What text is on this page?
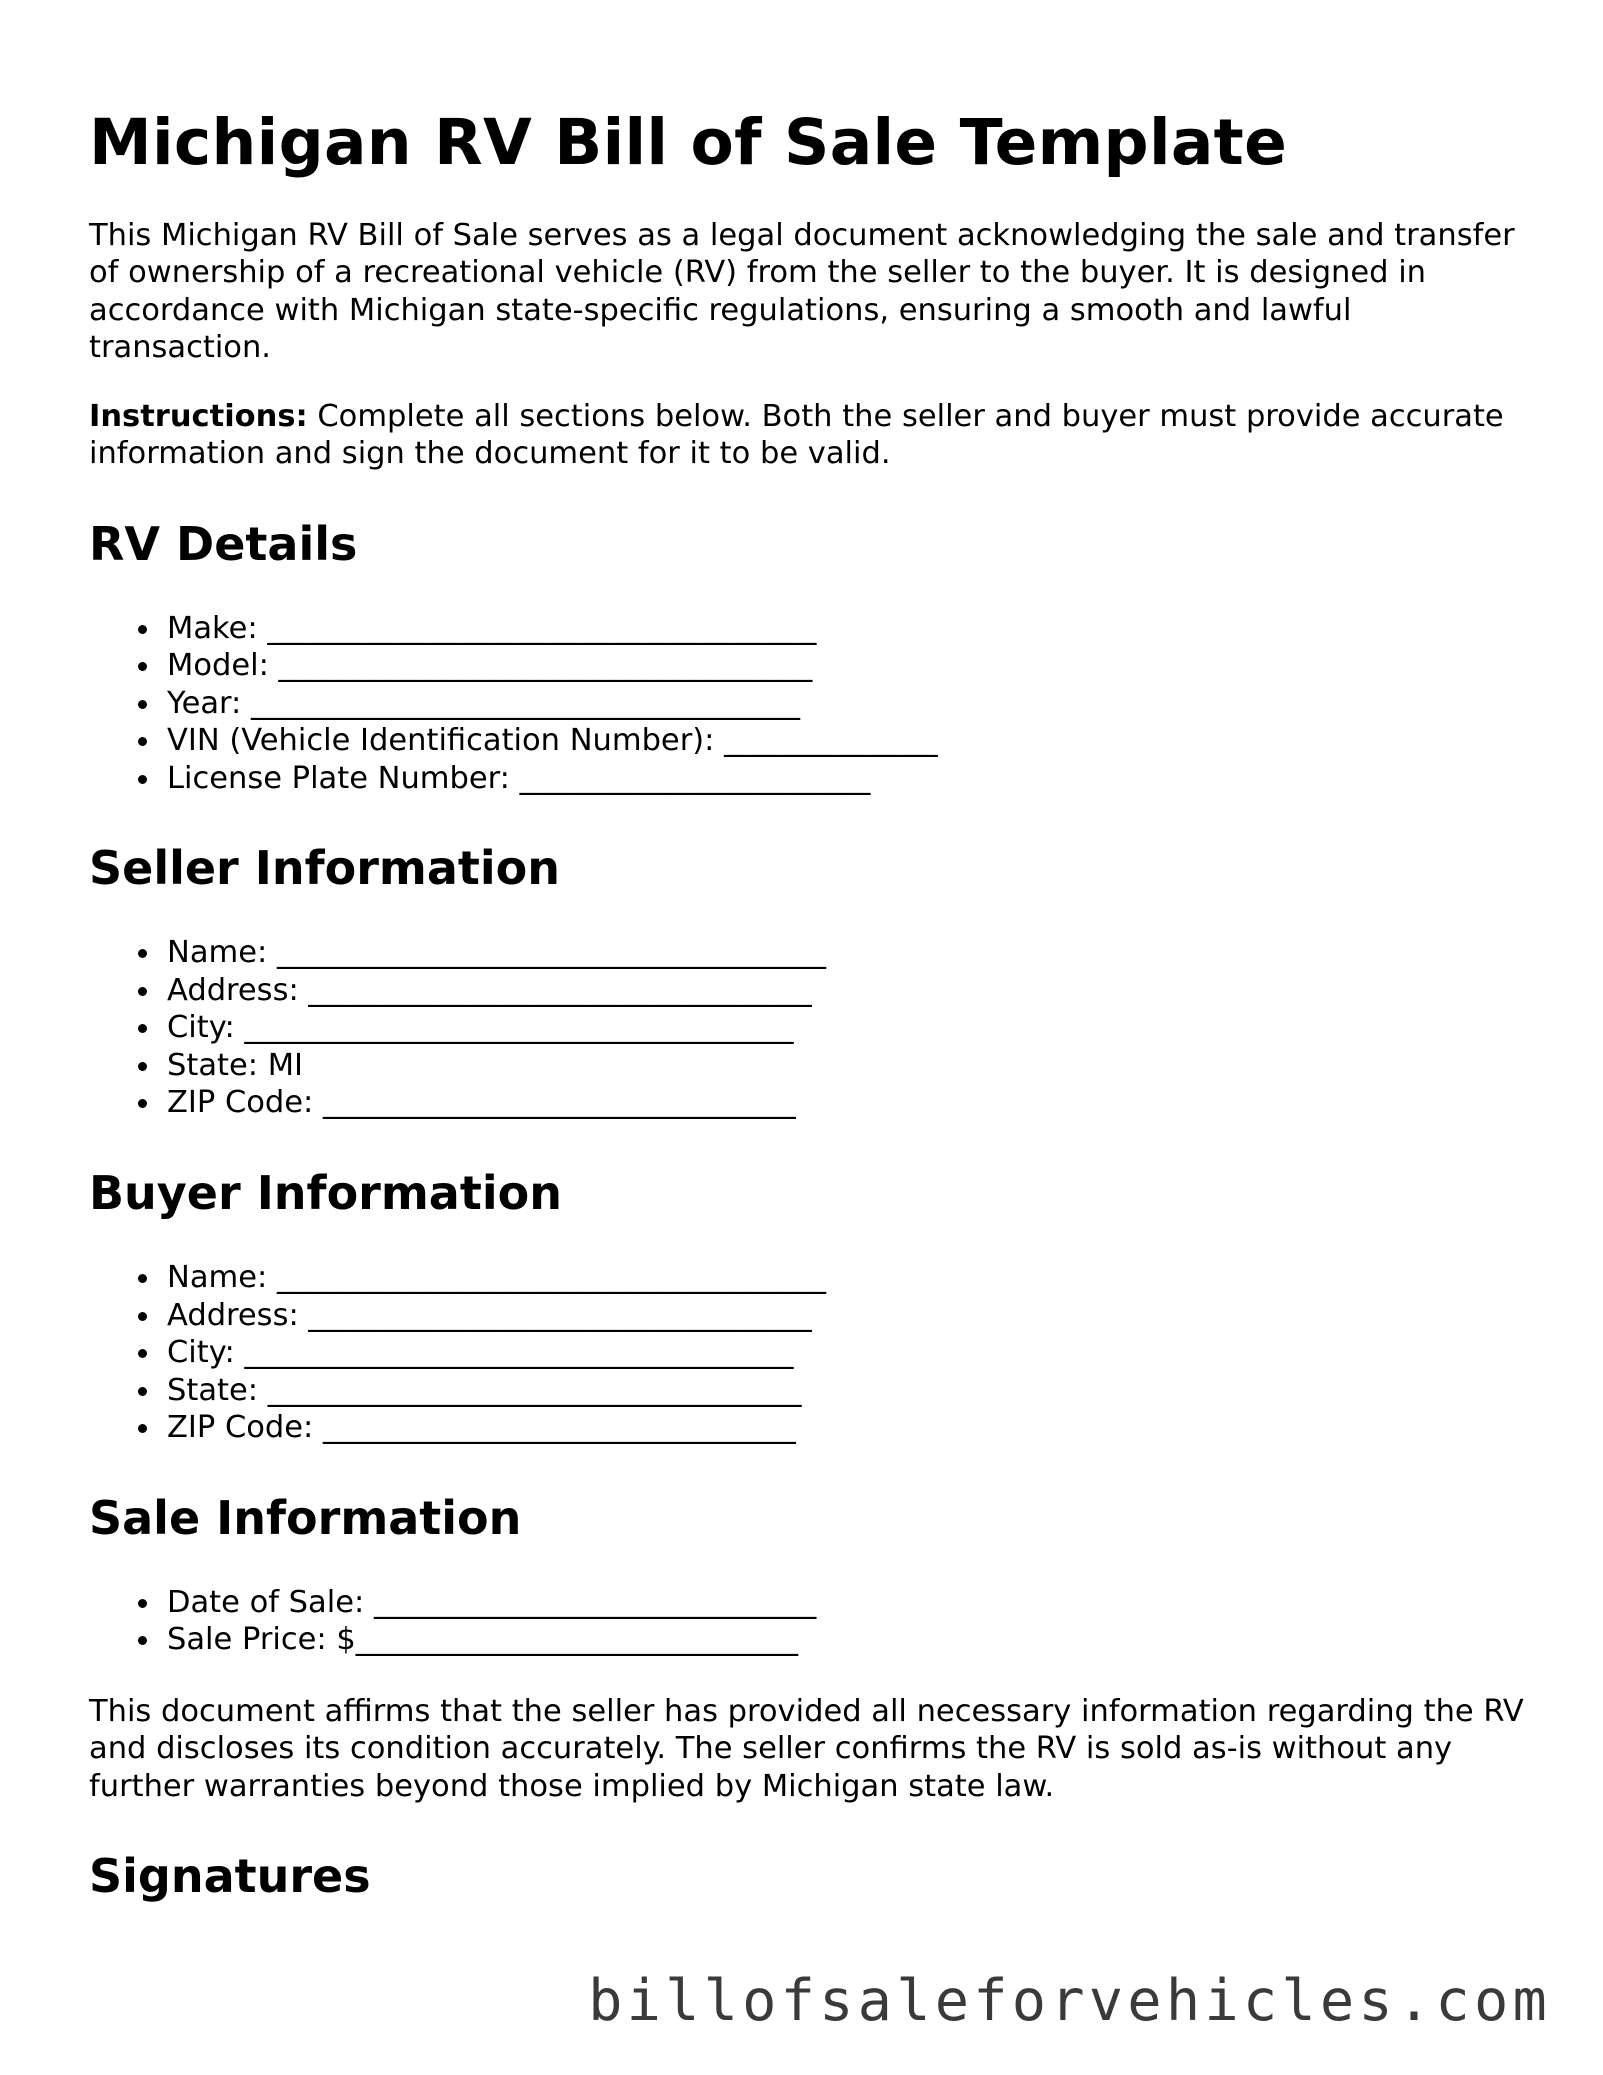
Michigan RV Bill of Sale Template

This Michigan RV Bill of Sale serves as a legal document acknowledging the sale and transfer of ownership of a recreational vehicle (RV) from the seller to the buyer. It is designed in accordance with Michigan state-specific regulations, ensuring a smooth and lawful transaction.

Instructions: Complete all sections below. Both the seller and buyer must provide accurate information and sign the document for it to be valid.

RV Details
Make: ____________________________________
Model: ___________________________________
Year: ____________________________________
VIN (Vehicle Identification Number): ______________
License Plate Number: _______________________
Seller Information
Name: ____________________________________
Address: _________________________________
City: ____________________________________
State: MI
ZIP Code: _______________________________
Buyer Information
Name: ____________________________________
Address: _________________________________
City: ____________________________________
State: ___________________________________
ZIP Code: _______________________________
Sale Information
Date of Sale: _____________________________
Sale Price: $_____________________________

This document affirms that the seller has provided all necessary information regarding the RV and discloses its condition accurately. The seller confirms the RV is sold as-is without any further warranties beyond those implied by Michigan state law.

Signatures
billofsaleforvehicles.com
